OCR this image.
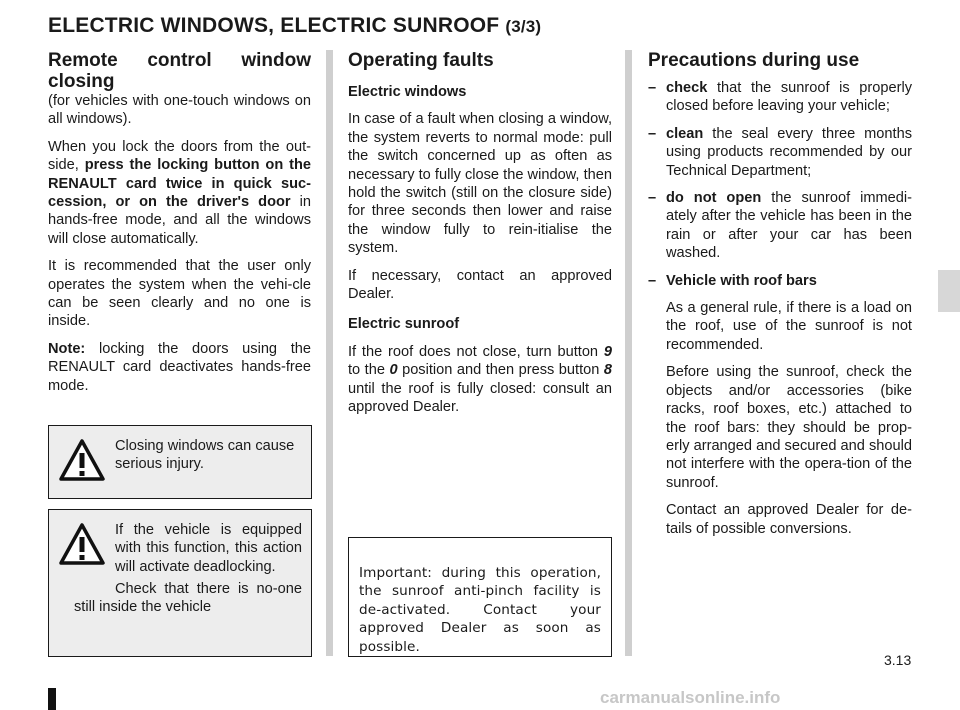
ELECTRIC WINDOWS, ELECTRIC SUNROOF (3/3)
Remote control window closing

(for vehicles with one-touch windows on all windows).

When you lock the doors from the out-side, press the locking button on the RENAULT card twice in quick suc-cession, or on the driver's door in hands-free mode, and all the windows will close automatically.

It is recommended that the user only operates the system when the vehi-cle can be seen clearly and no one is inside.

Note: locking the doors using the RENAULT card deactivates hands-free mode.

Closing windows can cause serious injury.

If the vehicle is equipped with this function, this action will activate deadlocking.

Check that there is no-one still inside the vehicle

Operating faults

Electric windows

In case of a fault when closing a window, the system reverts to normal mode: pull the switch concerned up as often as necessary to fully close the window, then hold the switch (still on the closure side) for three seconds then lower and raise the window fully to rein-itialise the system.

If necessary, contact an approved Dealer.

Electric sunroof

If the roof does not close, turn button 9 to the 0 position and then press button 8 until the roof is fully closed: consult an approved Dealer.

Important: during this operation, the sunroof anti-pinch facility is de-activated. Contact your approved Dealer as soon as possible.
Precautions during use
– check that the sunroof is properly closed before leaving your vehicle;
– clean the seal every three months using products recommended by our Technical Department;
– do not open the sunroof immedi-ately after the vehicle has been in the rain or after your car has been washed.
– Vehicle with roof bars

As a general rule, if there is a load on the roof, use of the sunroof is not recommended.

Before using the sunroof, check the objects and/or accessories (bike racks, roof boxes, etc.) attached to the roof bars: they should be prop-erly arranged and secured and should not interfere with the opera-tion of the sunroof.

Contact an approved Dealer for de-tails of possible conversions.

3.13
carmanualsonline.info
